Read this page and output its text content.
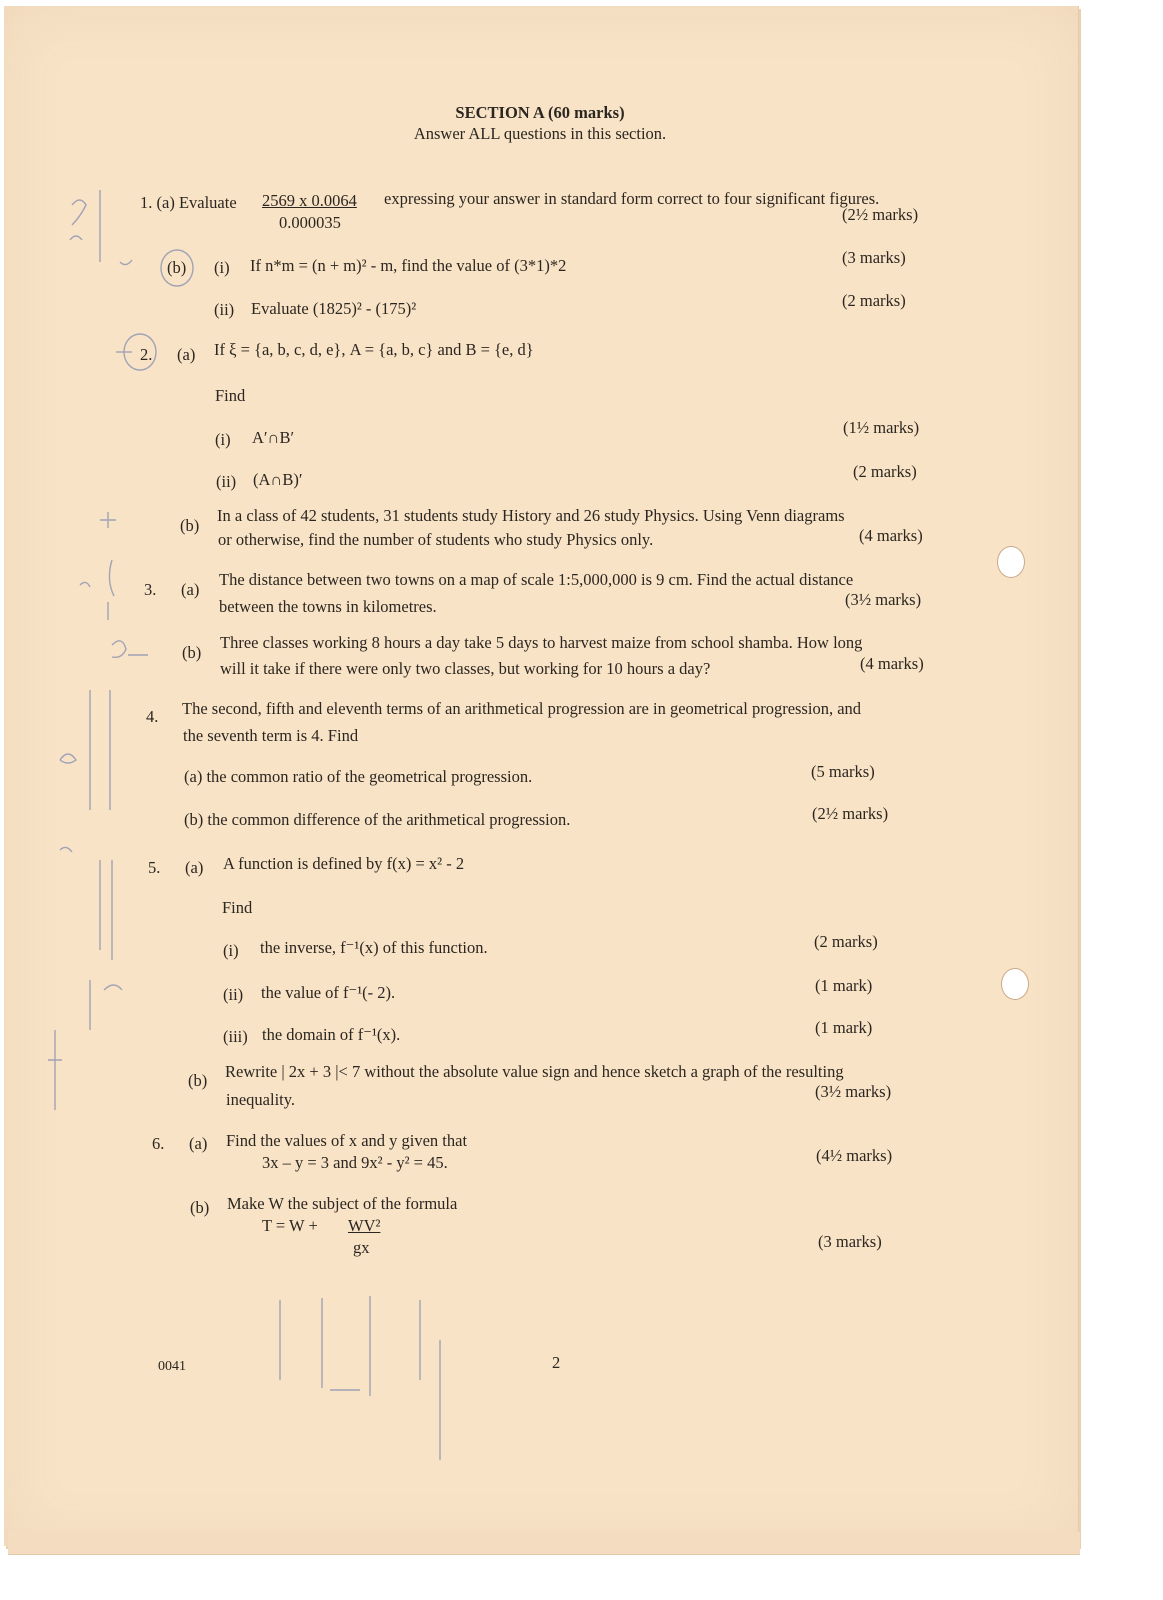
SECTION A (60 marks)
Answer ALL questions in this section.
1. (a) Evaluate 2569 x 0.0064
0.000035
expressing your answer in standard form correct to four significant figures.
(2½ marks)
(b) (i) If n*m = (n + m)² - m, find the value of (3*1)*2	(3 marks)
(ii) Evaluate (1825)² - (175)²	(2 marks)
2. (a) If ξ = {a, b, c, d, e}, A = {a, b, c} and B = {e, d}
Find
(i) A′∩B′
(1½ marks)
(ii) (A∩B)′	(2 marks)
(b)
In a class of 42 students, 31 students study History and 26 study Physics. Using Venn diagrams
or otherwise, find the number of students who study Physics only.	(4 marks)
3. (a)
The distance between two towns on a map of scale 1:5,000,000 is 9 cm. Find the actual distance
between the towns in kilometres.	(3½ marks)
(b)
Three classes working 8 hours a day take 5 days to harvest maize from school shamba. How long
will it take if there were only two classes, but working for 10 hours a day?	(4 marks)
4. The second, fifth and eleventh terms of an arithmetical progression are in geometrical progression, and
the seventh term is 4. Find
(a) the common ratio of the geometrical progression.	(5 marks)
(b) the common difference of the arithmetical progression.	(2½ marks)
5. (a) A function is defined by f(x) = x² - 2
Find
(i) the inverse, f⁻¹(x) of this function.	(2 marks)
(ii) the value of f⁻¹(- 2).	(1 mark)
(iii) the domain of f⁻¹(x).	(1 mark)
(b) Rewrite | 2x + 3 |< 7 without the absolute value sign and hence sketch a graph of the resulting
inequality.	(3½ marks)
6. (a) Find the values of x and y given that
3x – y = 3 and 9x² - y² = 45.	(4½ marks)
(b) Make W the subject of the formula
T = W + WV²
gx	(3 marks)
0041	2
